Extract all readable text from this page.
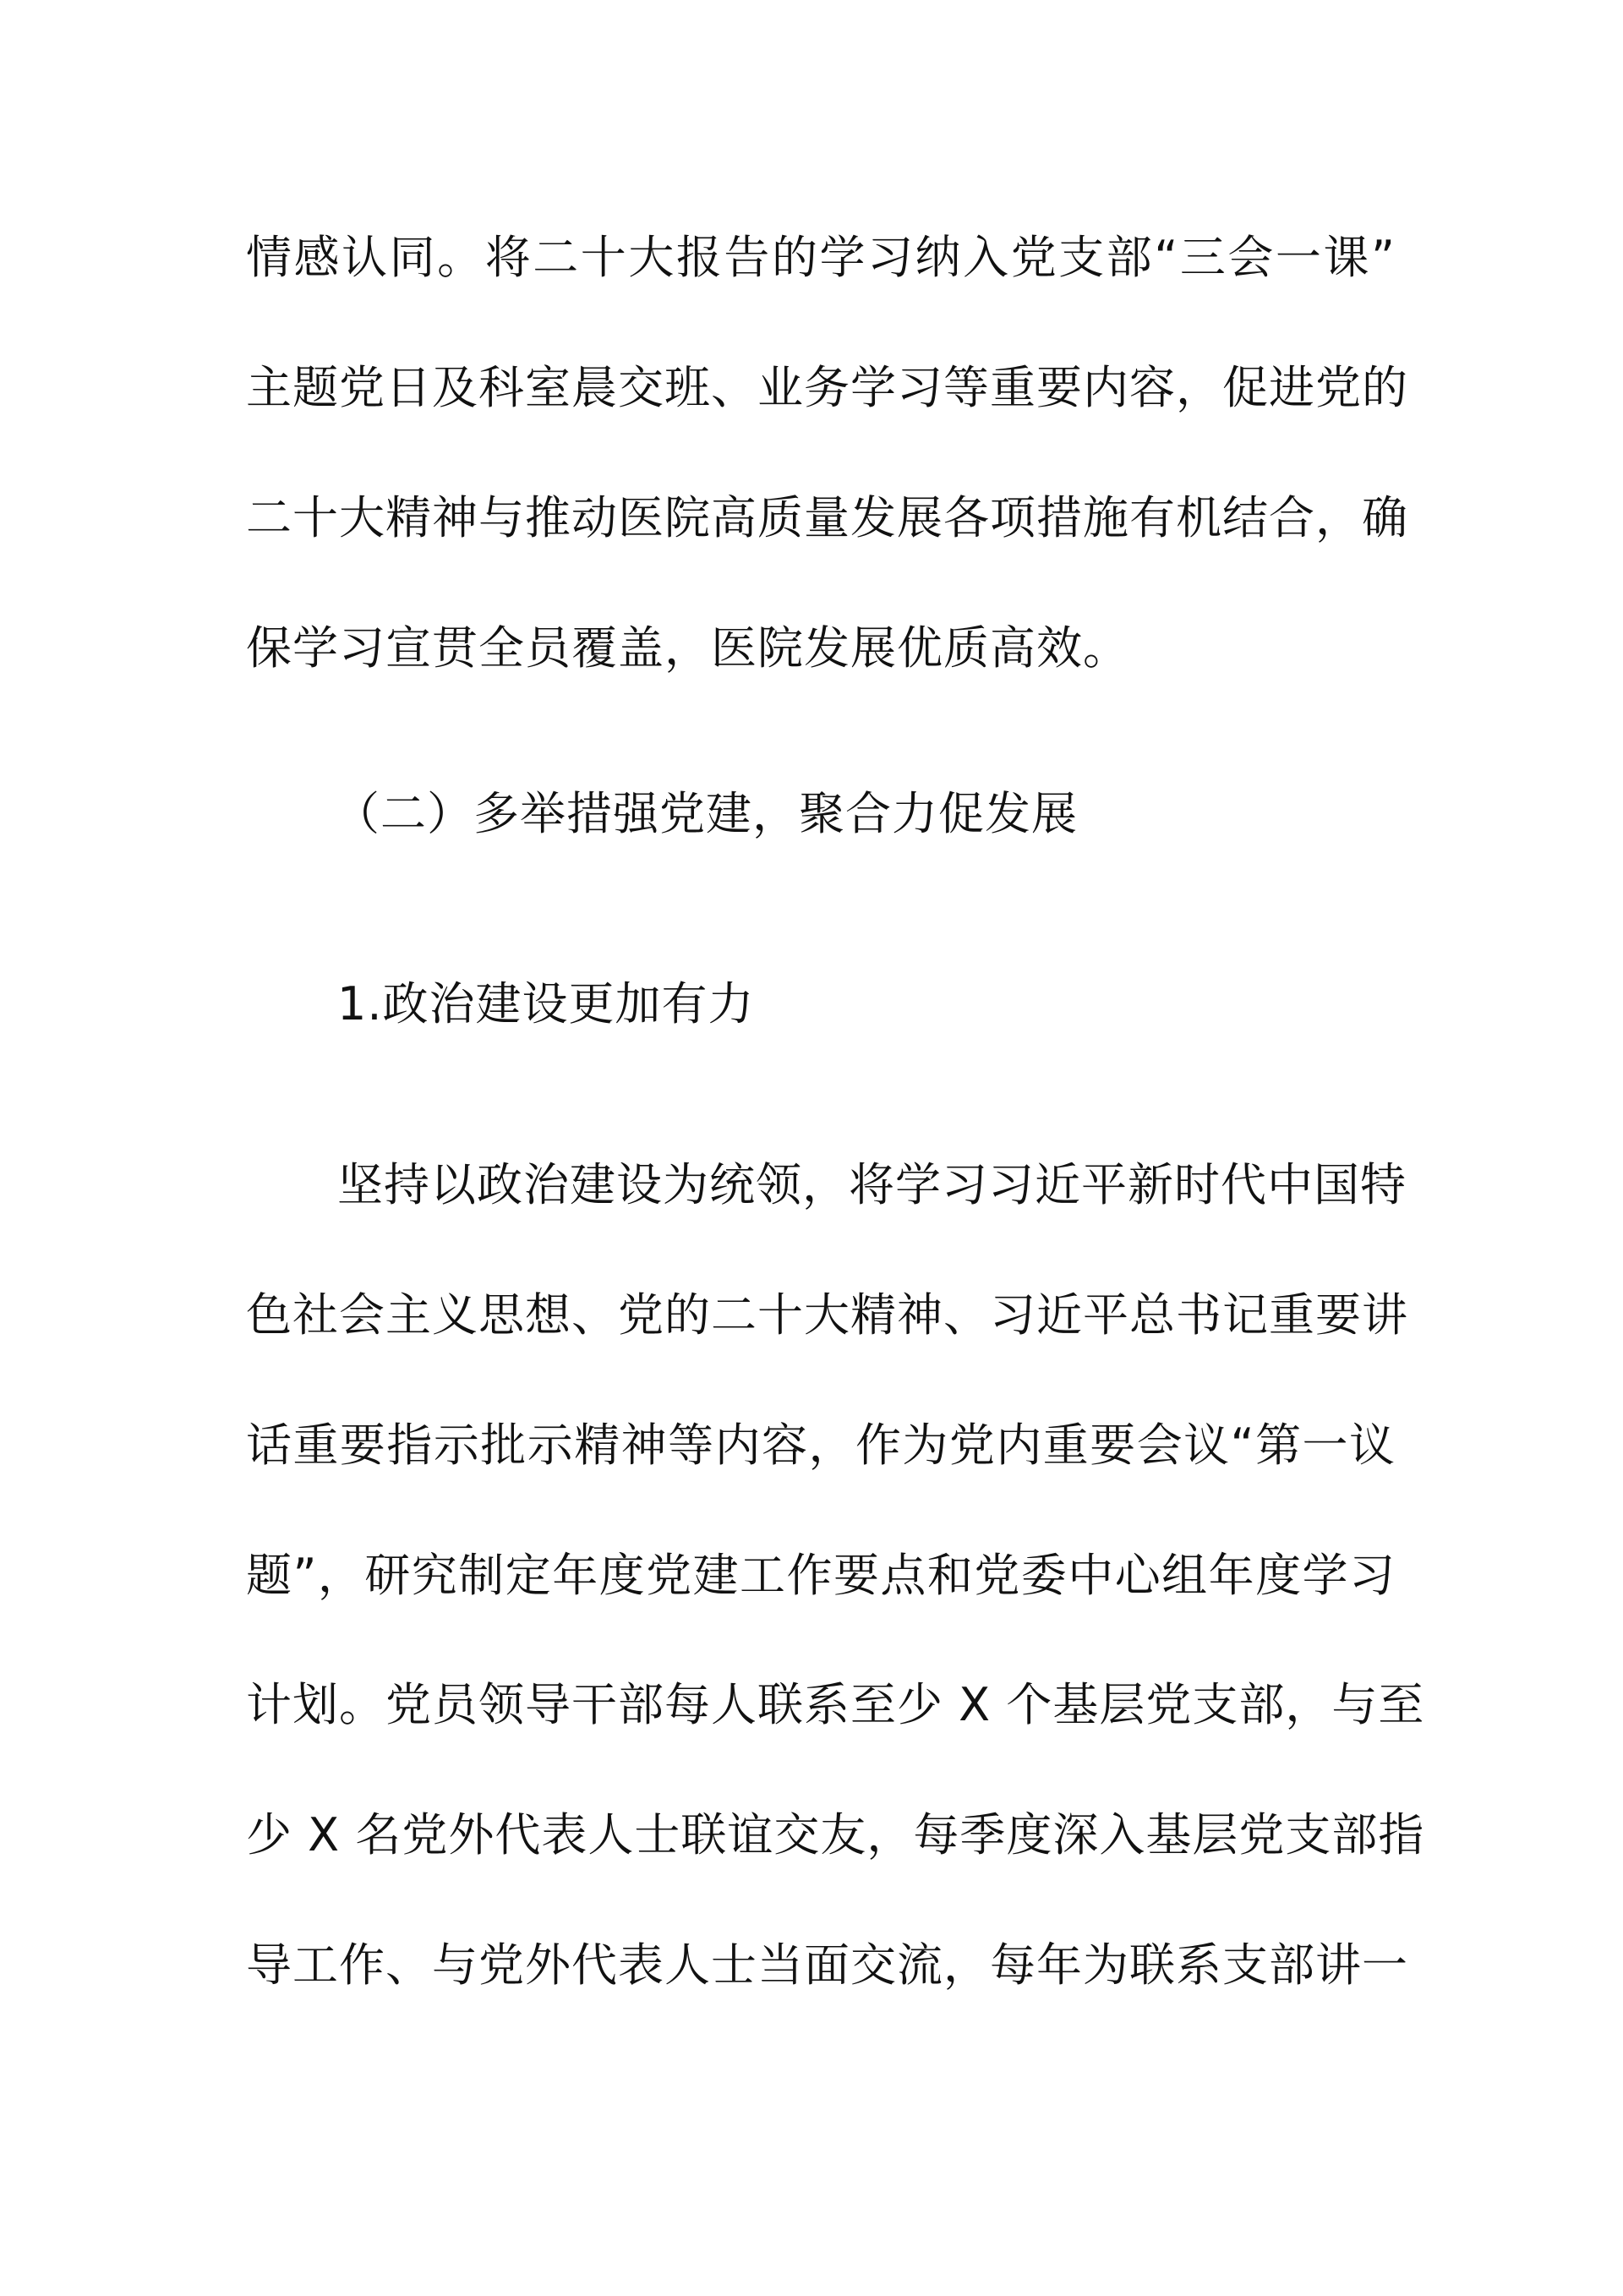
情感认同。将二十大报告的学习纳入党支部“三会一课”
主题党日及科室晨交班、业务学习等重要内容，促进党的
二十大精神与推动医院高质量发展各项措施有机结合，确
保学习宣贯全员覆盖，医院发展优质高效。
（二）多举措强党建，聚合力促发展
1.政治建设更加有力
坚持以政治建设为统领，将学习习近平新时代中国特
色社会主义思想、党的二十大精神、习近平总书记重要讲
话重要指示批示精神等内容，作为党内重要会议“第一议
题”，研究制定年度党建工作要点和党委中心组年度学习
计划。党员领导干部每人联系至少 X 个基层党支部，与至
少 X 名党外代表人士联谊交友，每季度深入基层党支部指
导工作、与党外代表人士当面交流，每年为联系支部讲一
